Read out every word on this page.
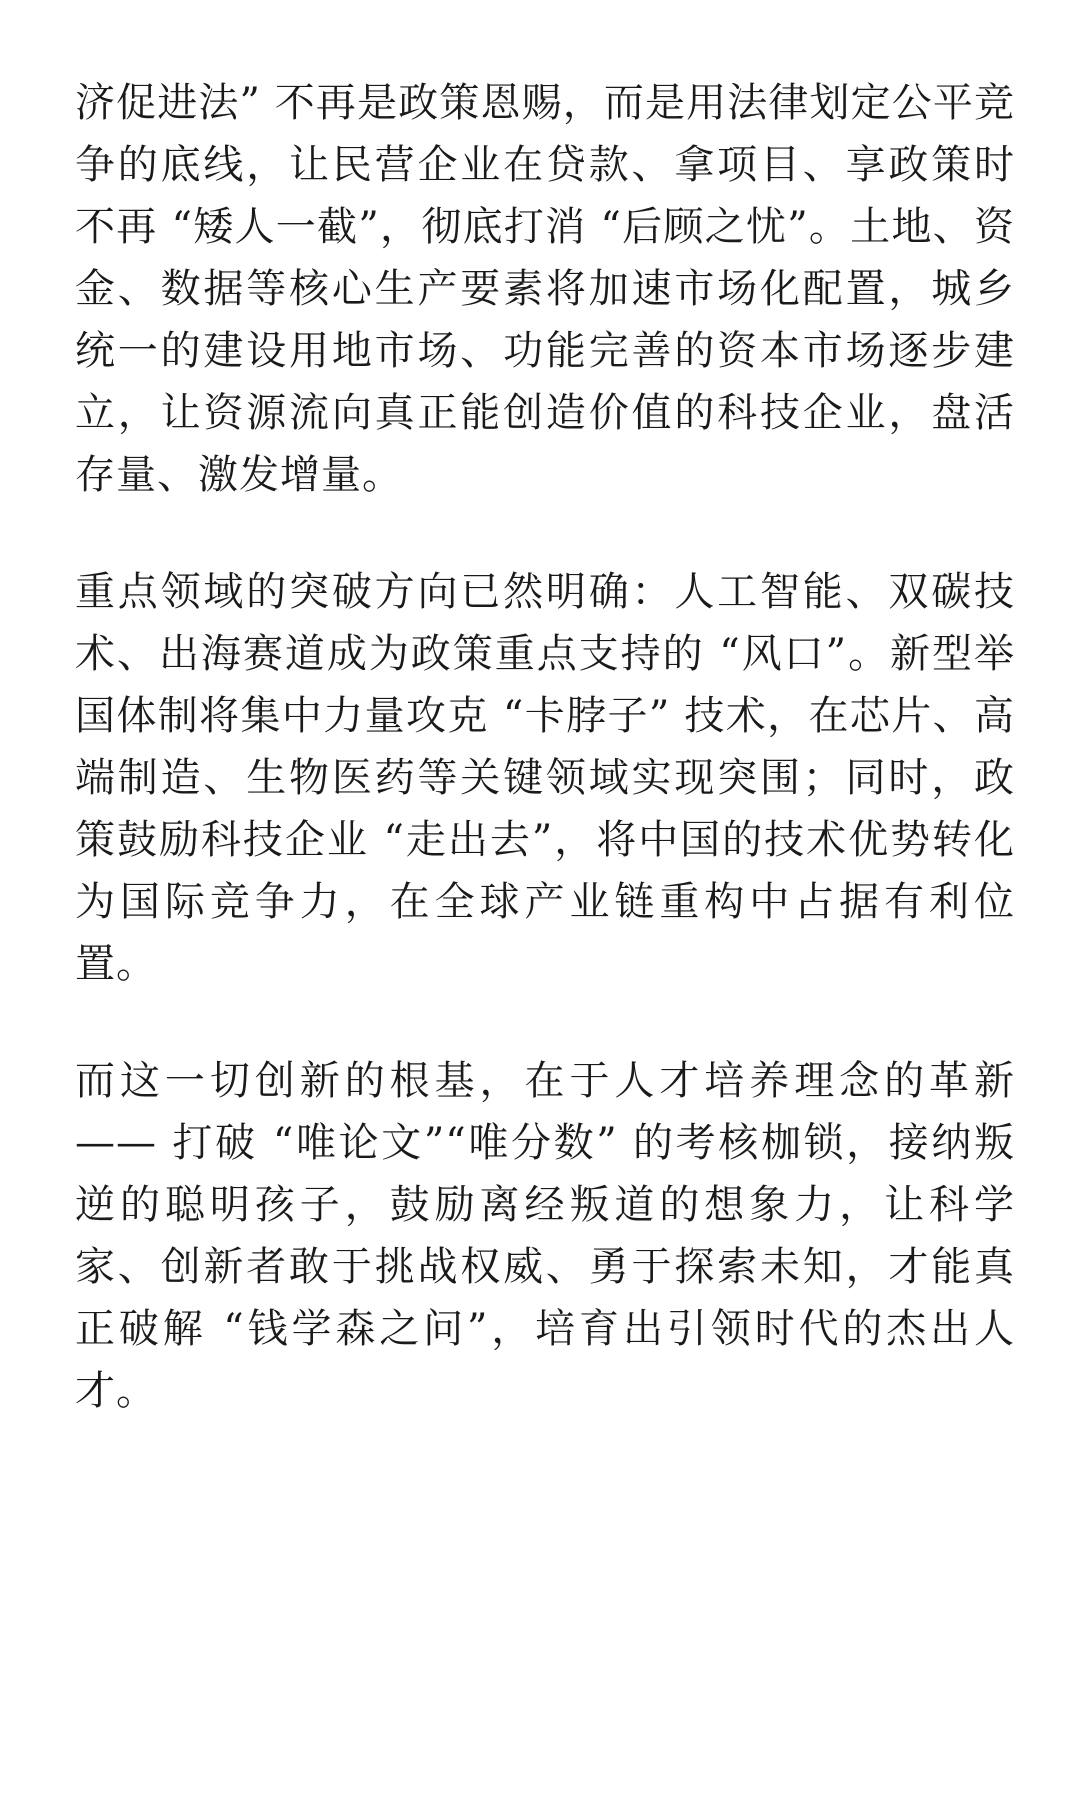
济促进法” 不再是政策恩赐，而是用法律划定公平竞争的底线，让民营企业在贷款、拿项目、享政策时不再 “矮人一截”，彻底打消 “后顾之忧”。土地、资金、数据等核心生产要素将加速市场化配置，城乡统一的建设用地市场、功能完善的资本市场逐步建立，让资源流向真正能创造价值的科技企业，盘活存量、激发增量。

重点领域的突破方向已然明确：人工智能、双碳技术、出海赛道成为政策重点支持的 “风口”。新型举国体制将集中力量攻克 “卡脖子” 技术，在芯片、高端制造、生物医药等关键领域实现突围；同时，政策鼓励科技企业 “走出去”，将中国的技术优势转化为国际竞争力，在全球产业链重构中占据有利位置。

而这一切创新的根基，在于人才培养理念的革新 —— 打破 “唯论文”“唯分数” 的考核枷锁，接纳叛逆的聪明孩子，鼓励离经叛道的想象力，让科学家、创新者敢于挑战权威、勇于探索未知，才能真正破解 “钱学森之问”，培育出引领时代的杰出人才。
